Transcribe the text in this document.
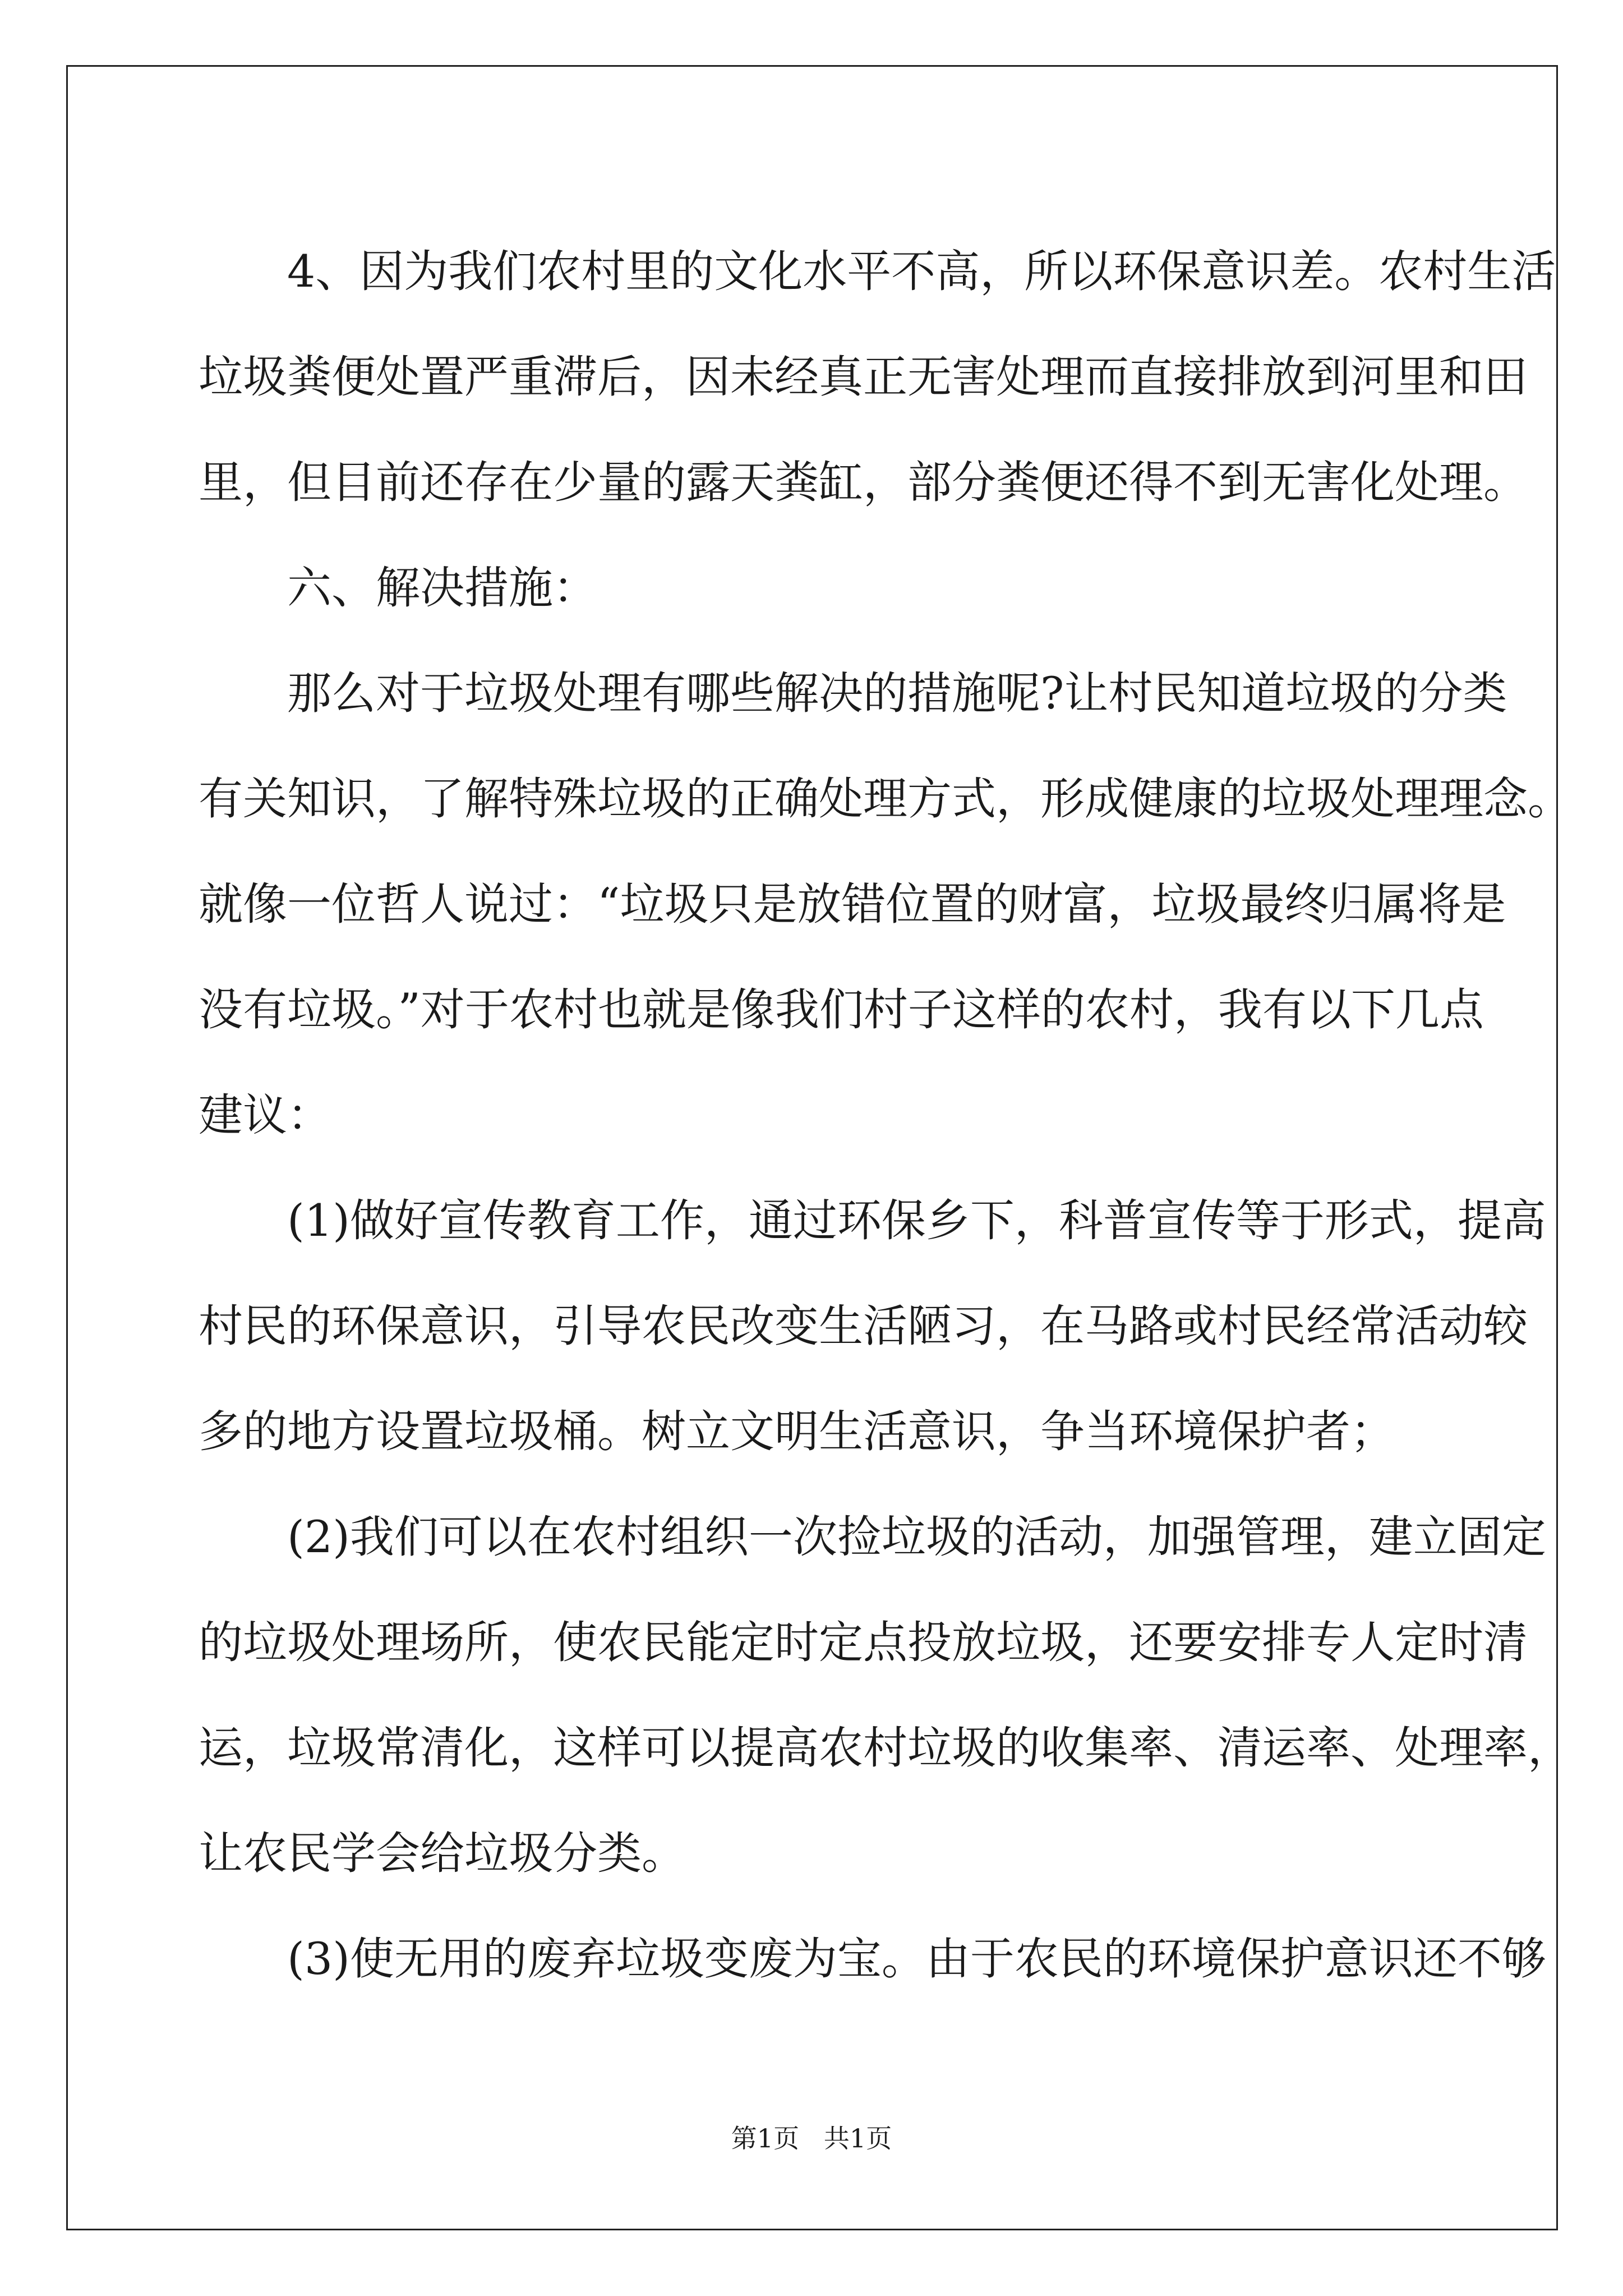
4、因为我们农村里的文化水平不高，所以环保意识差。农村生活
垃圾粪便处置严重滞后，因未经真正无害处理而直接排放到河里和田
里，但目前还存在少量的露天粪缸，部分粪便还得不到无害化处理。
六、解决措施：
那么对于垃圾处理有哪些解决的措施呢?让村民知道垃圾的分类
有关知识，了解特殊垃圾的正确处理方式，形成健康的垃圾处理理念。
就像一位哲人说过：“垃圾只是放错位置的财富，垃圾最终归属将是
没有垃圾。”对于农村也就是像我们村子这样的农村，我有以下几点
建议：
(1)做好宣传教育工作，通过环保乡下，科普宣传等于形式，提高
村民的环保意识，引导农民改变生活陋习，在马路或村民经常活动较
多的地方设置垃圾桶。树立文明生活意识，争当环境保护者；
(2)我们可以在农村组织一次捡垃圾的活动，加强管理，建立固定
的垃圾处理场所，使农民能定时定点投放垃圾，还要安排专人定时清
运，垃圾常清化，这样可以提高农村垃圾的收集率、清运率、处理率，
让农民学会给垃圾分类。
(3)使无用的废弃垃圾变废为宝。由于农民的环境保护意识还不够
第1页   共1页
